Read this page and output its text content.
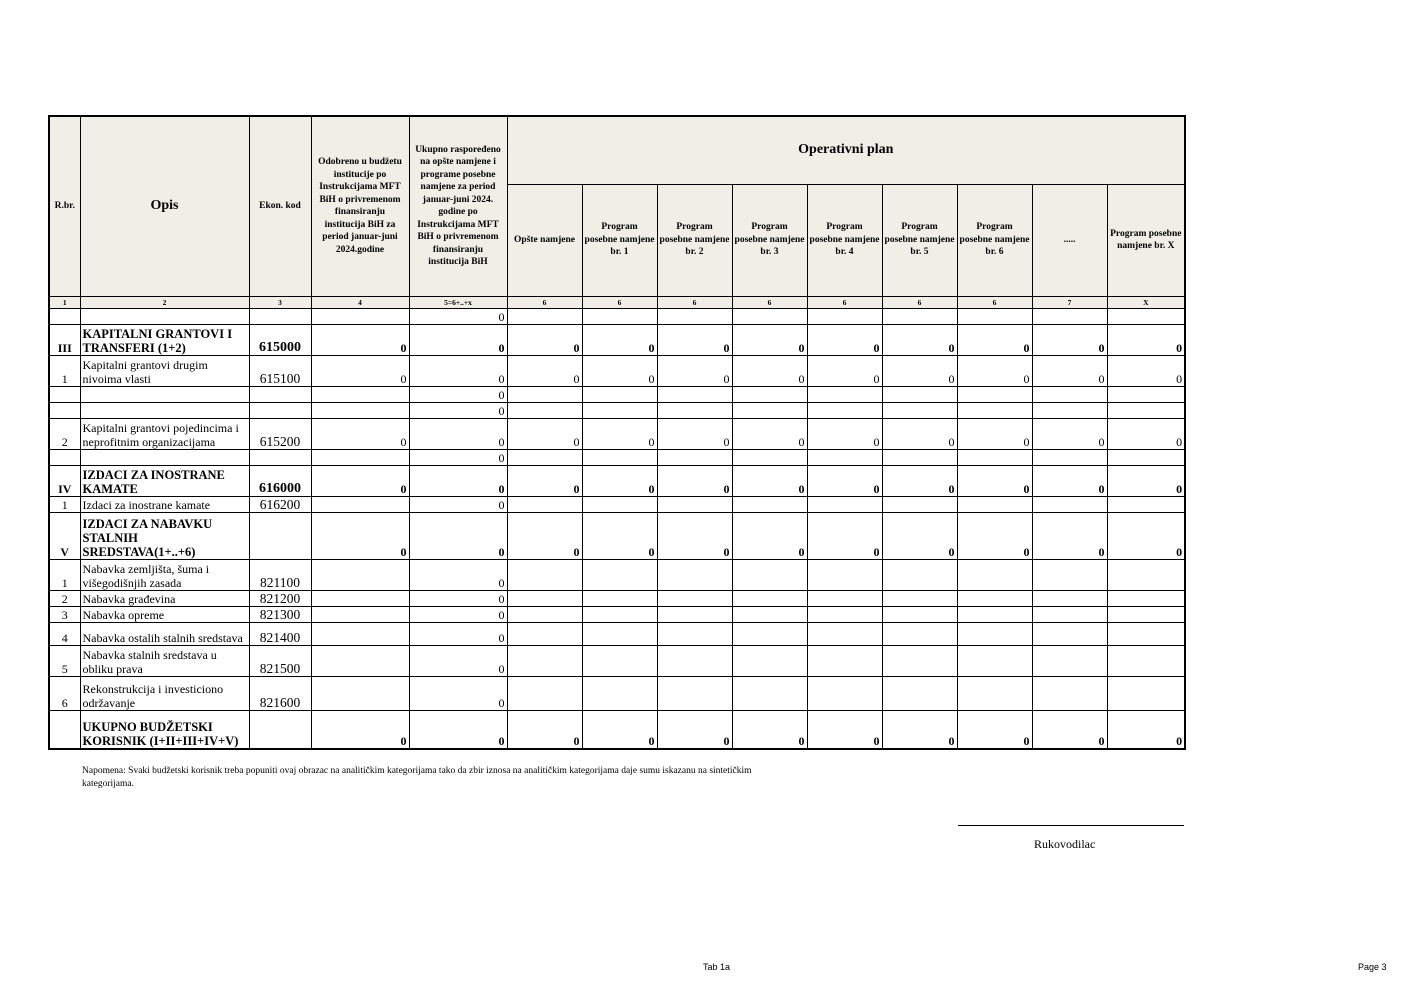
R.br.	Opis	Ekon. kod	Odobreno u budžetu institucije po Instrukcijama MFT BiH o privremenom finansiranju institucija BiH za period januar-juni 2024.godine	Ukupno raspoređeno na opšte namjene i programe posebne namjene za period januar-juni 2024. godine po Instrukcijama MFT BiH o privremenom finansiranju institucija BiH	Operativni plan								
					Opšte namjene	Program posebne namjene br. 1	Program posebne namjene br. 2	Program posebne namjene br. 3	Program posebne namjene br. 4	Program posebne namjene br. 5	Program posebne namjene br. 6	.....	Program posebne namjene br. X
1	2	3	4	5=6+..+x	6	6	6	6	6	6	6	7	X
				0									
III	KAPITALNI GRANTOVI I TRANSFERI (1+2)	615000	0	0	0	0	0	0	0	0	0	0	0
1	Kapitalni grantovi drugim nivoima vlasti	615100	0	0	0	0	0	0	0	0	0	0	0
				0									
				0									
2	Kapitalni grantovi pojedincima i neprofitnim organizacijama	615200	0	0	0	0	0	0	0	0	0	0	0
				0									
IV	IZDACI ZA INOSTRANE KAMATE	616000	0	0	0	0	0	0	0	0	0	0	0
1	Izdaci za inostrane kamate	616200		0									
V	IZDACI ZA NABAVKU STALNIH SREDSTAVA(1+..+6)		0	0	0	0	0	0	0	0	0	0	0
1	Nabavka zemljišta, šuma i višegodišnjih zasada	821100		0									
2	Nabavka građevina	821200		0									
3	Nabavka opreme	821300		0									
4	Nabavka ostalih stalnih sredstava	821400		0									
5	Nabavka stalnih sredstava u obliku prava	821500		0									
6	Rekonstrukcija i investiciono održavanje	821600		0									
	UKUPNO BUDŽETSKI KORISNIK (I+II+III+IV+V)		0	0	0	0	0	0	0	0	0	0	0
Napomena: Svaki budžetski korisnik treba popuniti ovaj obrazac na analitičkim kategorijama tako da zbir iznosa na analitičkim kategorijama daje sumu iskazanu na sintetičkim kategorijama.
Rukovodilac
Tab 1a	Page 3
